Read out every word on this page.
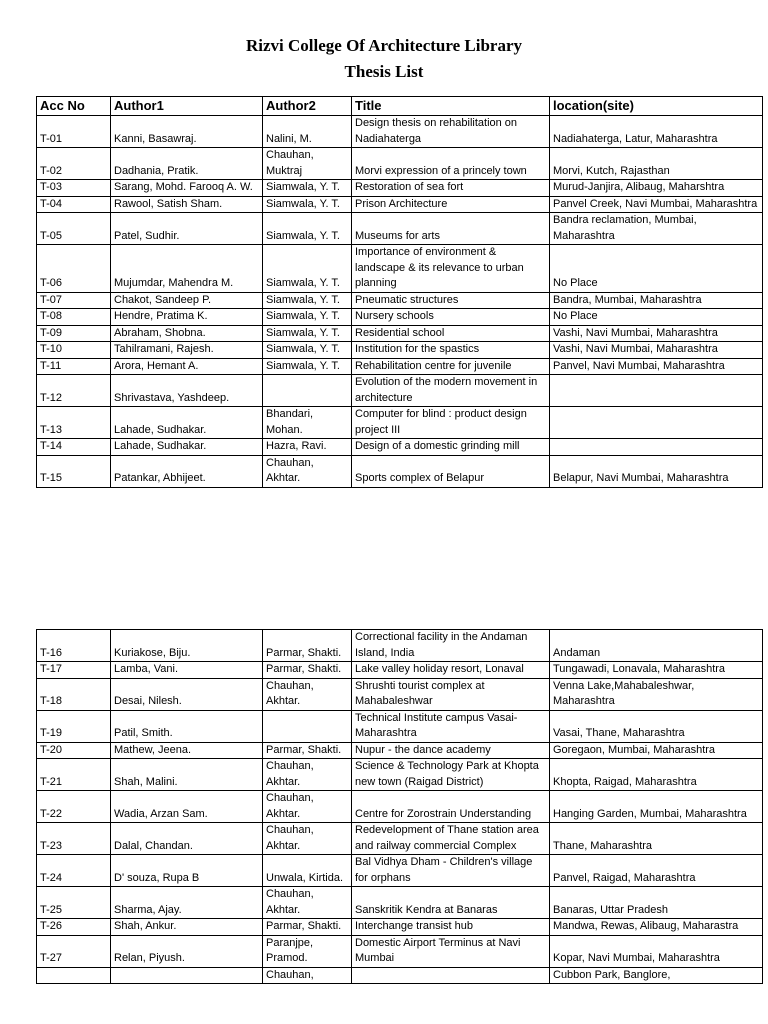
Rizvi College Of Architecture Library
Thesis List
Acc No	Author1	Author2	Title	location(site)
T-01	Kanni, Basawraj.	Nalini, M.	Design thesis on rehabilitation on Nadiahaterga	Nadiahaterga, Latur, Maharashtra
T-02	Dadhania, Pratik.	Chauhan, Muktraj	Morvi expression of a princely town	Morvi, Kutch, Rajasthan
T-03	Sarang, Mohd. Farooq A. W.	Siamwala, Y. T.	Restoration of sea fort	Murud-Janjira, Alibaug, Maharshtra
T-04	Rawool, Satish Sham.	Siamwala, Y. T.	Prison Architecture	Panvel Creek, Navi Mumbai, Maharashtra
T-05	Patel, Sudhir.	Siamwala, Y. T.	Museums for arts	Bandra reclamation, Mumbai, Maharashtra
T-06	Mujumdar, Mahendra M.	Siamwala, Y. T.	Importance of environment & landscape & its relevance to urban planning	No Place
T-07	Chakot, Sandeep P.	Siamwala, Y. T.	Pneumatic structures	Bandra, Mumbai, Maharashtra
T-08	Hendre, Pratima K.	Siamwala, Y. T.	Nursery schools	No Place
T-09	Abraham, Shobna.	Siamwala, Y. T.	Residential school	Vashi, Navi Mumbai, Maharashtra
T-10	Tahilramani, Rajesh.	Siamwala, Y. T.	Institution for the spastics	Vashi, Navi Mumbai, Maharashtra
T-11	Arora, Hemant A.	Siamwala, Y. T.	Rehabilitation centre for juvenile	Panvel, Navi Mumbai, Maharashtra
T-12	Shrivastava, Yashdeep.		Evolution of the modern movement in architecture	
T-13	Lahade, Sudhakar.	Bhandari, Mohan.	Computer for blind : product design project III	
T-14	Lahade, Sudhakar.	Hazra, Ravi.	Design of a domestic grinding mill	
T-15	Patankar, Abhijeet.	Chauhan, Akhtar.	Sports complex of Belapur	Belapur, Navi Mumbai, Maharashtra
T-16	Kuriakose, Biju.	Parmar, Shakti.	Correctional facility in the Andaman Island, India	Andaman
T-17	Lamba, Vani.	Parmar, Shakti.	Lake valley holiday resort, Lonaval	Tungawadi, Lonavala, Maharashtra
T-18	Desai, Nilesh.	Chauhan, Akhtar.	Shrushti tourist complex at Mahabaleshwar	Venna Lake,Mahabaleshwar, Maharashtra
T-19	Patil, Smith.		Technical Institute campus Vasai-Maharashtra	Vasai, Thane, Maharashtra
T-20	Mathew, Jeena.	Parmar, Shakti.	Nupur - the dance academy	Goregaon, Mumbai, Maharashtra
T-21	Shah, Malini.	Chauhan, Akhtar.	Science & Technology Park at Khopta new town (Raigad District)	Khopta, Raigad, Maharashtra
T-22	Wadia, Arzan Sam.	Chauhan, Akhtar.	Centre for Zorostrain Understanding	Hanging Garden, Mumbai, Maharashtra
T-23	Dalal, Chandan.	Chauhan, Akhtar.	Redevelopment of Thane station area and railway commercial Complex	Thane, Maharashtra
T-24	D' souza, Rupa B	Unwala, Kirtida.	Bal Vidhya Dham - Children's village for orphans	Panvel, Raigad, Maharashtra
T-25	Sharma, Ajay.	Chauhan, Akhtar.	Sanskritik Kendra at Banaras	Banaras, Uttar Pradesh
T-26	Shah, Ankur.	Parmar, Shakti.	Interchange transist hub	Mandwa, Rewas, Alibaug, Maharastra
T-27	Relan, Piyush.	Paranjpe, Pramod.	Domestic Airport Terminus at Navi Mumbai	Kopar, Navi Mumbai, Maharashtra
		Chauhan,		Cubbon Park, Banglore,
